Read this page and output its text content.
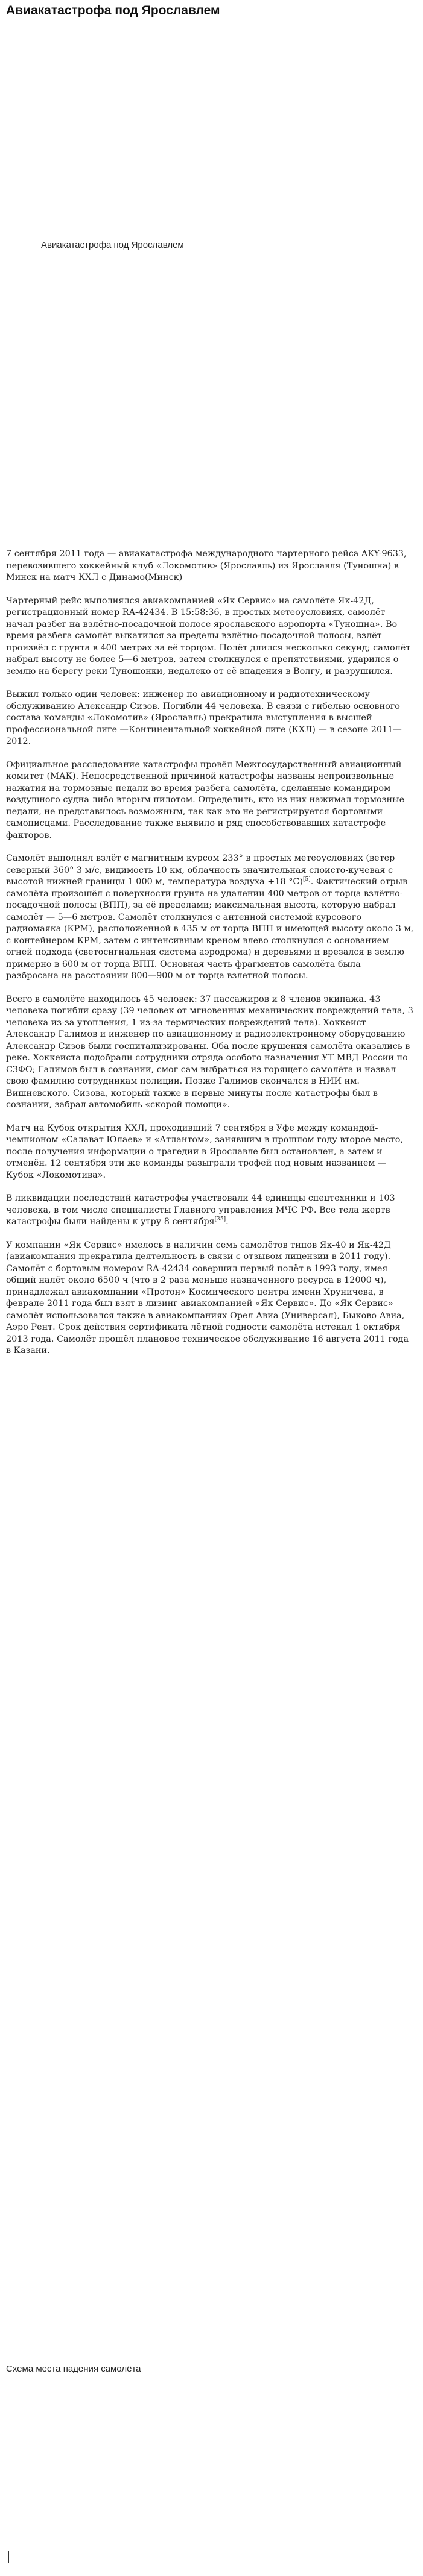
Авиакатастрофа под Ярославлем
Авиакатастрофа под Ярославлем

7 сентября 2011 года — авиакатастрофа международного чартерного рейса AKY-9633, перевозившего хоккейный клуб «Локомотив» (Ярославль) из Ярославля (Туношна) в Минск на матч КХЛ с Динамо(Минск)

Чартерный рейс выполнялся авиакомпанией «Як Сервис» на самолёте Як-42Д, регистрационный номер RA-42434. В 15:58:36, в простых метеоусловиях, самолёт начал разбег на взлётно-посадочной полосе ярославского аэропорта «Туношна». Во время разбега самолёт выкатился за пределы взлётно-посадочной полосы, взлёт произвёл с грунта в 400 метрах за её торцом. Полёт длился несколько секунд; самолёт набрал высоту не более 5—6 метров, затем столкнулся с препятствиями, ударился о землю на берегу реки Туношонки, недалеко от её впадения в Волгу, и разрушился.

Выжил только один человек: инженер по авиационному и радиотехническому обслуживанию Александр Сизов. Погибли 44 человека. В связи с гибелью основного состава команды «Локомотив» (Ярославль) прекратила выступления в высшей профессиональной лиге —Континентальной хоккейной лиге (КХЛ) — в сезоне 2011—2012.

Официальное расследование катастрофы провёл Межгосударственный авиационный комитет (МАК). Непосредственной причиной катастрофы названы непроизвольные нажатия на тормозные педали во время разбега самолёта, сделанные командиром воздушного судна либо вторым пилотом. Определить, кто из них нажимал тормозные педали, не представилось возможным, так как это не регистрируется бортовыми самописцами. Расследование также выявило и ряд способствовавших катастрофе факторов.

Самолёт выполнял взлёт с магнитным курсом 233° в простых метеоусловиях (ветер северный 360° 3 м/с, видимость 10 км, облачность значительная слоисто-кучевая с высотой нижней границы 1 000 м, температура воздуха +18 °C)[5]. Фактический отрыв самолёта произошёл с поверхности грунта на удалении 400 метров от торца взлётно-посадочной полосы (ВПП), за её пределами; максимальная высота, которую набрал самолёт — 5—6 метров. Самолёт столкнулся с антенной системой курсового радиомаяка (КРМ), расположенной в 435 м от торца ВПП и имеющей высоту около 3 м, с контейнером КРМ, затем с интенсивным креном влево столкнулся с основанием огней подхода (светосигнальная система аэродрома) и деревьями и врезался в землю примерно в 600 м от торца ВПП. Основная часть фрагментов самолёта была разбросана на расстоянии 800—900 м от торца взлетной полосы.

Всего в самолёте находилось 45 человек: 37 пассажиров и 8 членов экипажа. 43 человека погибли сразу (39 человек от мгновенных механических повреждений тела, 3 человека из-за утопления, 1 из-за термических повреждений тела). Хоккеист Александр Галимов и инженер по авиационному и радиоэлектронному оборудованию Александр Сизов были госпитализированы. Оба после крушения самолёта оказались в реке. Хоккеиста подобрали сотрудники отряда особого назначения УТ МВД России по СЗФО; Галимов был в сознании, смог сам выбраться из горящего самолёта и назвал свою фамилию сотрудникам полиции. Позже Галимов скончался в НИИ им. Вишневского. Сизова, который также в первые минуты после катастрофы был в сознании, забрал автомобиль «скорой помощи».

Матч на Кубок открытия КХЛ, проходивший 7 сентября в Уфе между командой-чемпионом «Салават Юлаев» и «Атлантом», занявшим в прошлом году второе место, после получения информации о трагедии в Ярославле был остановлен, а затем и отменён. 12 сентября эти же команды разыграли трофей под новым названием — Кубок «Локомотива».

В ликвидации последствий катастрофы участвовали 44 единицы спецтехники и 103 человека, в том числе специалисты Главного управления МЧС РФ. Все тела жертв катастрофы были найдены к утру 8 сентября[35].

У компании «Як Сервис» имелось в наличии семь самолётов типов Як-40 и Як-42Д (авиакомпания прекратила деятельность в связи с отзывом лицензии в 2011 году). Самолёт с бортовым номером RA-42434 совершил первый полёт в 1993 году, имея общий налёт около 6500 ч (что в 2 раза меньше назначенного ресурса в 12000 ч), принадлежал авиакомпании «Протон» Космического центра имени Хруничева, в феврале 2011 года был взят в лизинг авиакомпанией «Як Сервис». До «Як Сервис» самолёт использовался также в авиакомпаниях Орел Авиа (Универсал), Быково Авиа, Аэро Рент. Срок действия сертификата лётной годности самолёта истекал 1 октября 2013 года. Самолёт прошёл плановое техническое обслуживание 16 августа 2011 года в Казани.

Схема места падения самолёта
